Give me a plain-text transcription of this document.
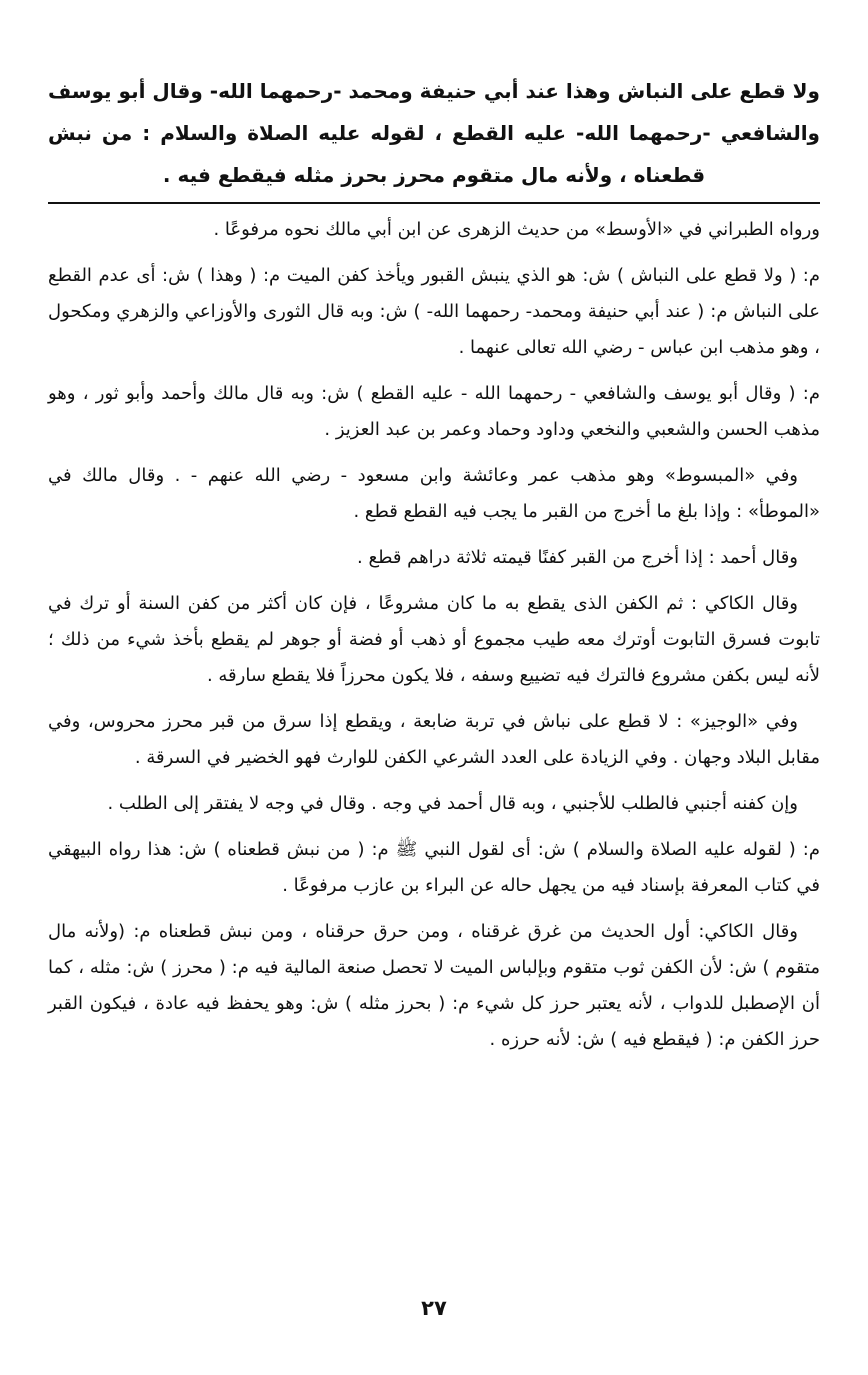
ولا قطع على النباش وهذا عند أبي حنيفة ومحمد -رحمهما الله- وقال أبو يوسف والشافعي -رحمهما الله- عليه القطع ، لقوله عليه الصلاة والسلام : من نبش قطعناه ، ولأنه مال متقوم محرز بحرز مثله فيقطع فيه .

ورواه الطبراني في «الأوسط» من حديث الزهرى عن ابن أبي مالك نحوه مرفوعًا .

م: ( ولا قطع على النباش ) ش: هو الذي ينبش القبور ويأخذ كفن الميت م: ( وهذا ) ش: أى عدم القطع على النباش م: ( عند أبي حنيفة ومحمد- رحمهما الله- ) ش: وبه قال الثورى والأوزاعي والزهري ومكحول ، وهو مذهب ابن عباس - رضي الله تعالى عنهما .

م: ( وقال أبو يوسف والشافعي - رحمهما الله - عليه القطع ) ش: وبه قال مالك وأحمد وأبو ثور ، وهو مذهب الحسن والشعبي والنخعي وداود وحماد وعمر بن عبد العزيز .

وفي «المبسوط» وهو مذهب عمر وعائشة وابن مسعود - رضي الله عنهم - . وقال مالك في «الموطأ» : وإذا بلغ ما أخرج من القبر ما يجب فيه القطع قطع .

وقال أحمد : إذا أخرج من القبر كفنًا قيمته ثلاثة دراهم قطع .

وقال الكاكي : ثم الكفن الذى يقطع به ما كان مشروعًا ، فإن كان أكثر من كفن السنة أو ترك في تابوت فسرق التابوت أوترك معه طيب مجموع أو ذهب أو فضة أو جوهر لم يقطع بأخذ شيء من ذلك ؛ لأنه ليس بكفن مشروع فالترك فيه تضييع وسفه ، فلا يكون محرزاً فلا يقطع سارقه .

وفي «الوجيز» : لا قطع على نباش في تربة ضابعة ، ويقطع إذا سرق من قبر محرز محروس، وفي مقابل البلاد وجهان . وفي الزيادة على العدد الشرعي الكفن للوارث فهو الخضير في السرقة .

وإن كفنه أجنبي فالطلب للأجنبي ، وبه قال أحمد في وجه . وقال في وجه لا يفتقر إلى الطلب .

م: ( لقوله عليه الصلاة والسلام ) ش: أى لقول النبي ﷺ م: ( من نبش قطعناه ) ش: هذا رواه البيهقي في كتاب المعرفة بإسناد فيه من يجهل حاله عن البراء بن عازب مرفوعًا .

وقال الكاكي: أول الحديث من غرق غرقناه ، ومن حرق حرقناه ، ومن نبش قطعناه م: (ولأنه مال متقوم ) ش: لأن الكفن ثوب متقوم وبإلباس الميت لا تحصل صنعة المالية فيه م: ( محرز ) ش: مثله ، كما أن الإصطبل للدواب ، لأنه يعتبر حرز كل شيء م: ( بحرز مثله ) ش: وهو يحفظ فيه عادة ، فيكون القبر حرز الكفن م: ( فيقطع فيه ) ش: لأنه حرزه .

٢٧
